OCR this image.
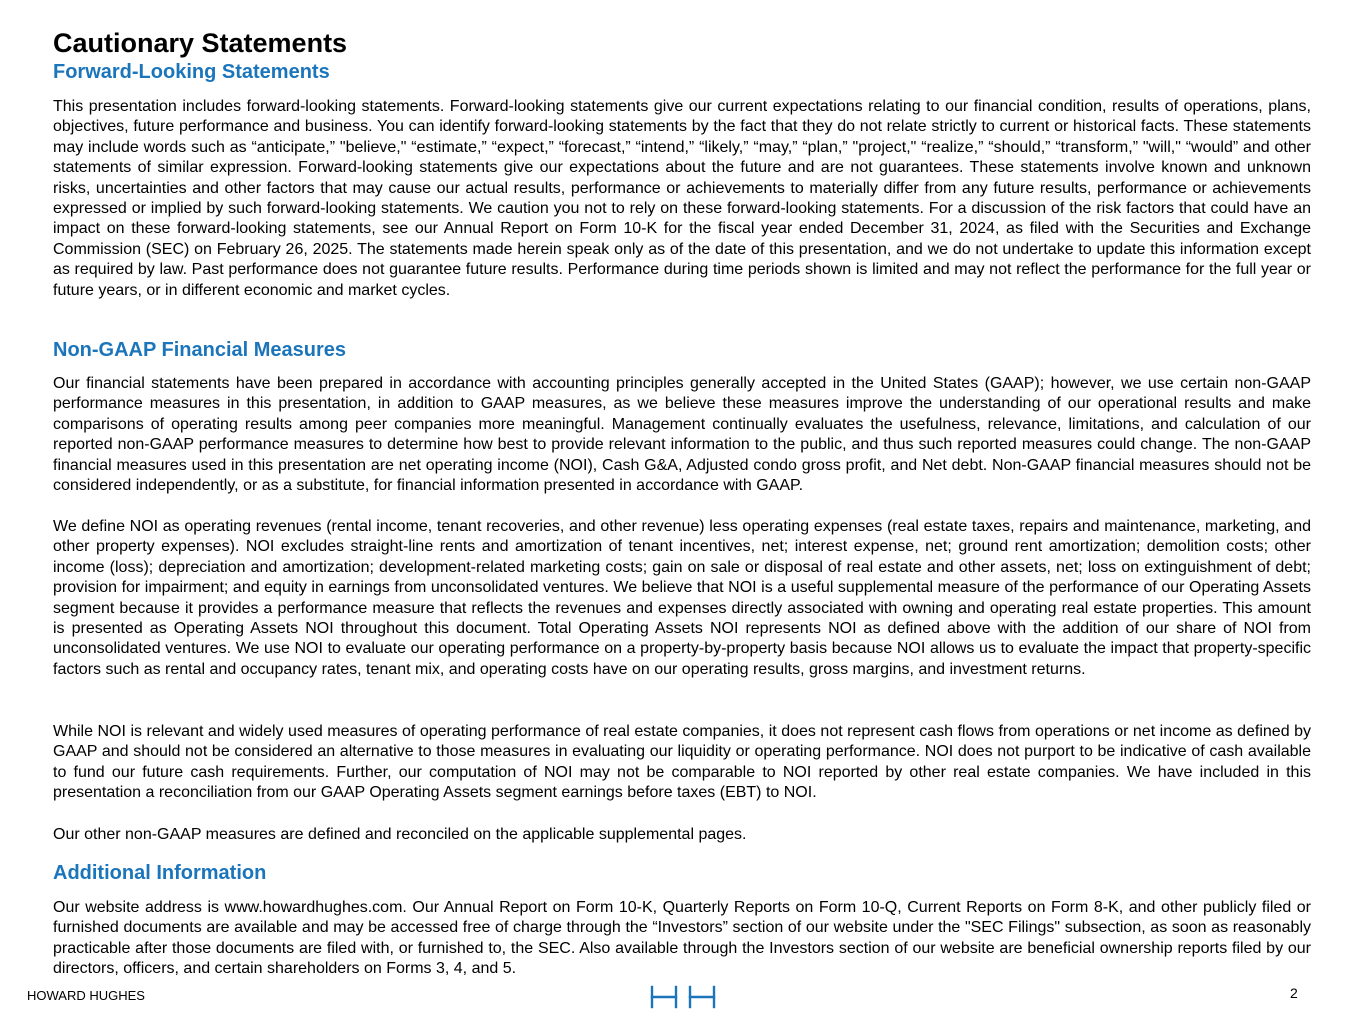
Cautionary Statements
Forward-Looking Statements

This presentation includes forward-looking statements. Forward-looking statements give our current expectations relating to our financial condition, results of operations, plans, objectives, future performance and business. You can identify forward-looking statements by the fact that they do not relate strictly to current or historical facts. These statements may include words such as “anticipate,” "believe," “estimate,” “expect,” “forecast,” “intend,” “likely,” “may,” “plan,” "project," “realize,” “should,” “transform,” "will," “would” and other statements of similar expression. Forward-looking statements give our expectations about the future and are not guarantees. These statements involve known and unknown risks, uncertainties and other factors that may cause our actual results, performance or achievements to materially differ from any future results, performance or achievements expressed or implied by such forward-looking statements. We caution you not to rely on these forward-looking statements. For a discussion of the risk factors that could have an impact on these forward-looking statements, see our Annual Report on Form 10-K for the fiscal year ended December 31, 2024, as filed with the Securities and Exchange Commission (SEC) on February 26, 2025. The statements made herein speak only as of the date of this presentation, and we do not undertake to update this information except as required by law. Past performance does not guarantee future results. Performance during time periods shown is limited and may not reflect the performance for the full year or future years, or in different economic and market cycles.

Non-GAAP Financial Measures

Our financial statements have been prepared in accordance with accounting principles generally accepted in the United States (GAAP); however, we use certain non-GAAP performance measures in this presentation, in addition to GAAP measures, as we believe these measures improve the understanding of our operational results and make comparisons of operating results among peer companies more meaningful. Management continually evaluates the usefulness, relevance, limitations, and calculation of our reported non-GAAP performance measures to determine how best to provide relevant information to the public, and thus such reported measures could change. The non-GAAP financial measures used in this presentation are net operating income (NOI), Cash G&A, Adjusted condo gross profit, and Net debt. Non-GAAP financial measures should not be considered independently, or as a substitute, for financial information presented in accordance with GAAP.

We define NOI as operating revenues (rental income, tenant recoveries, and other revenue) less operating expenses (real estate taxes, repairs and maintenance, marketing, and other property expenses). NOI excludes straight-line rents and amortization of tenant incentives, net; interest expense, net; ground rent amortization; demolition costs; other income (loss); depreciation and amortization; development-related marketing costs; gain on sale or disposal of real estate and other assets, net; loss on extinguishment of debt; provision for impairment; and equity in earnings from unconsolidated ventures. We believe that NOI is a useful supplemental measure of the performance of our Operating Assets segment because it provides a performance measure that reflects the revenues and expenses directly associated with owning and operating real estate properties. This amount is presented as Operating Assets NOI throughout this document. Total Operating Assets NOI represents NOI as defined above with the addition of our share of NOI from unconsolidated ventures. We use NOI to evaluate our operating performance on a property-by-property basis because NOI allows us to evaluate the impact that property-specific factors such as rental and occupancy rates, tenant mix, and operating costs have on our operating results, gross margins, and investment returns.

While NOI is relevant and widely used measures of operating performance of real estate companies, it does not represent cash flows from operations or net income as defined by GAAP and should not be considered an alternative to those measures in evaluating our liquidity or operating performance. NOI does not purport to be indicative of cash available to fund our future cash requirements. Further, our computation of NOI may not be comparable to NOI reported by other real estate companies. We have included in this presentation a reconciliation from our GAAP Operating Assets segment earnings before taxes (EBT) to NOI.

Our other non-GAAP measures are defined and reconciled on the applicable supplemental pages.

Additional Information

Our website address is www.howardhughes.com. Our Annual Report on Form 10-K, Quarterly Reports on Form 10-Q, Current Reports on Form 8-K, and other publicly filed or furnished documents are available and may be accessed free of charge through the “Investors” section of our website under the "SEC Filings" subsection, as soon as reasonably practicable after those documents are filed with, or furnished to, the SEC. Also available through the Investors section of our website are beneficial ownership reports filed by our directors, officers, and certain shareholders on Forms 3, 4, and 5.

HOWARD HUGHES	2
